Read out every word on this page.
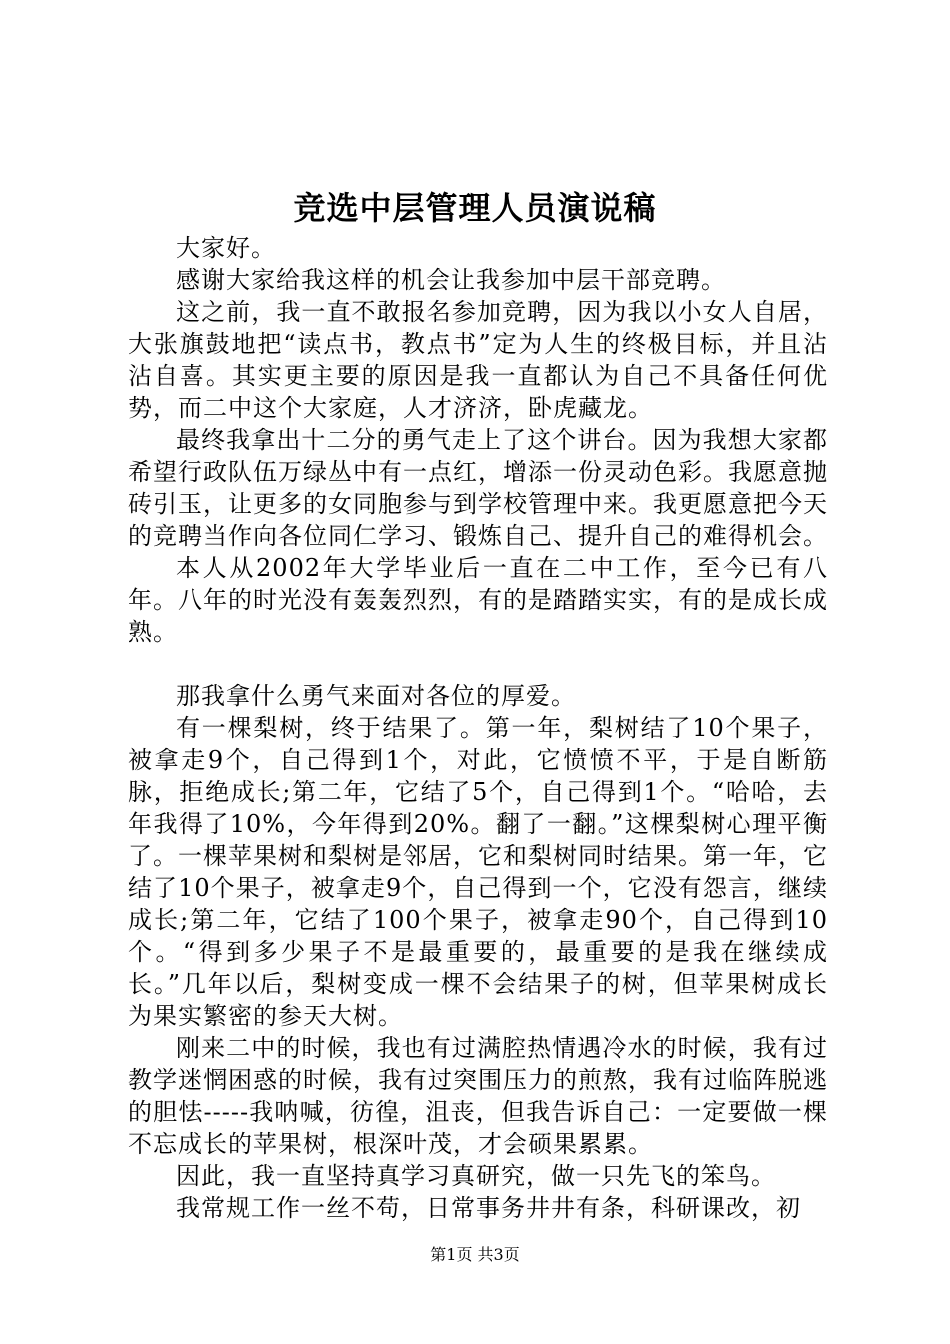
竞选中层管理人员演说稿

大家好。

感谢大家给我这样的机会让我参加中层干部竞聘。

这之前，我一直不敢报名参加竞聘，因为我以小女人自居，大张旗鼓地把“读点书，教点书”定为人生的终极目标，并且沾沾自喜。其实更主要的原因是我一直都认为自己不具备任何优势，而二中这个大家庭，人才济济，卧虎藏龙。

最终我拿出十二分的勇气走上了这个讲台。因为我想大家都希望行政队伍万绿丛中有一点红，增添一份灵动色彩。我愿意抛砖引玉，让更多的女同胞参与到学校管理中来。我更愿意把今天的竞聘当作向各位同仁学习、锻炼自己、提升自己的难得机会。

本人从2002年大学毕业后一直在二中工作，至今已有八年。八年的时光没有轰轰烈烈，有的是踏踏实实，有的是成长成熟。

那我拿什么勇气来面对各位的厚爱。

有一棵梨树，终于结果了。第一年，梨树结了10个果子，被拿走9个，自己得到1个，对此，它愤愤不平，于是自断筋脉，拒绝成长;第二年，它结了5个，自己得到1个。“哈哈，去年我得了10%，今年得到20%。翻了一翻。”这棵梨树心理平衡了。一棵苹果树和梨树是邻居，它和梨树同时结果。第一年，它结了10个果子，被拿走9个，自己得到一个，它没有怨言，继续成长;第二年，它结了100个果子，被拿走90个，自己得到10个。“得到多少果子不是最重要的，最重要的是我在继续成长。”几年以后，梨树变成一棵不会结果子的树，但苹果树成长为果实繁密的参天大树。

刚来二中的时候，我也有过满腔热情遇冷水的时候，我有过教学迷惘困惑的时候，我有过突围压力的煎熬，我有过临阵脱逃的胆怯-----我呐喊，彷徨，沮丧，但我告诉自己：一定要做一棵不忘成长的苹果树，根深叶茂，才会硕果累累。

因此，我一直坚持真学习真研究，做一只先飞的笨鸟。

我常规工作一丝不苟，日常事务井井有条，科研课改，初

第1页 共3页
